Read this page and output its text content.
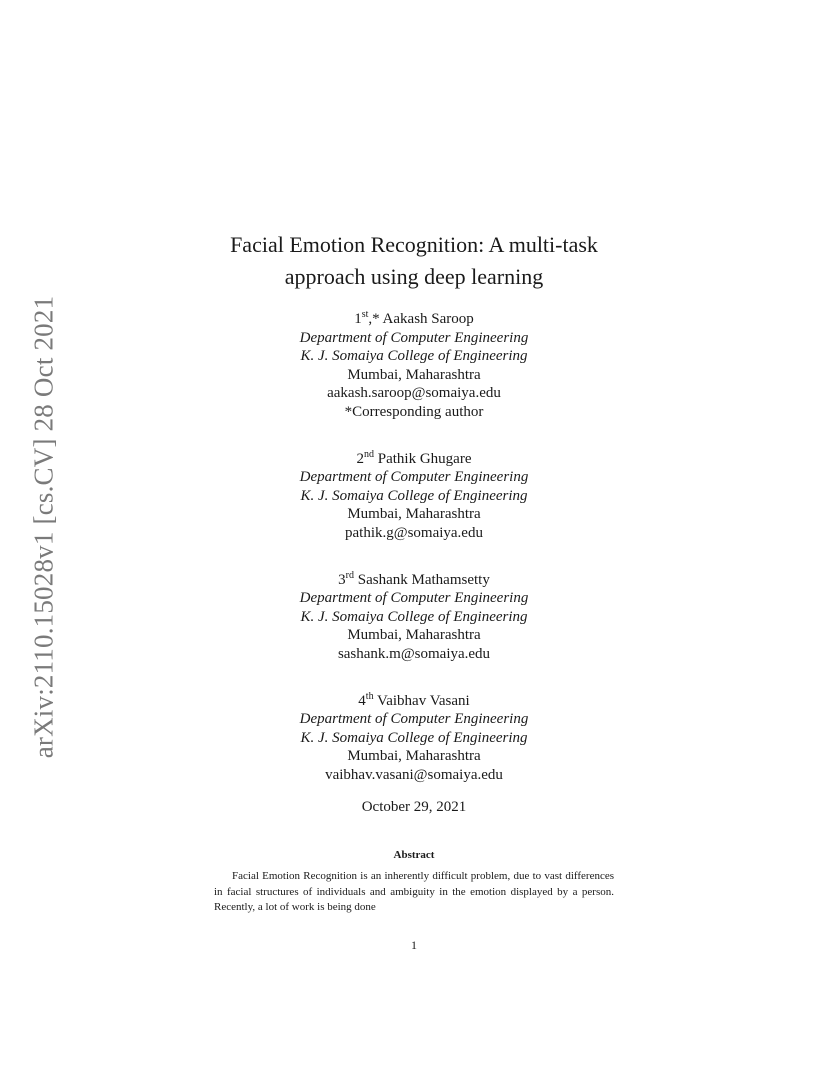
arXiv:2110.15028v1 [cs.CV] 28 Oct 2021
Facial Emotion Recognition: A multi-task
approach using deep learning
1st,* Aakash Saroop
Department of Computer Engineering
K. J. Somaiya College of Engineering
Mumbai, Maharashtra
aakash.saroop@somaiya.edu
*Corresponding author
2nd Pathik Ghugare
Department of Computer Engineering
K. J. Somaiya College of Engineering
Mumbai, Maharashtra
pathik.g@somaiya.edu
3rd Sashank Mathamsetty
Department of Computer Engineering
K. J. Somaiya College of Engineering
Mumbai, Maharashtra
sashank.m@somaiya.edu
4th Vaibhav Vasani
Department of Computer Engineering
K. J. Somaiya College of Engineering
Mumbai, Maharashtra
vaibhav.vasani@somaiya.edu
October 29, 2021
Abstract
Facial Emotion Recognition is an inherently difficult problem, due to vast differences in facial structures of individuals and ambiguity in the emotion displayed by a person. Recently, a lot of work is being done
1
